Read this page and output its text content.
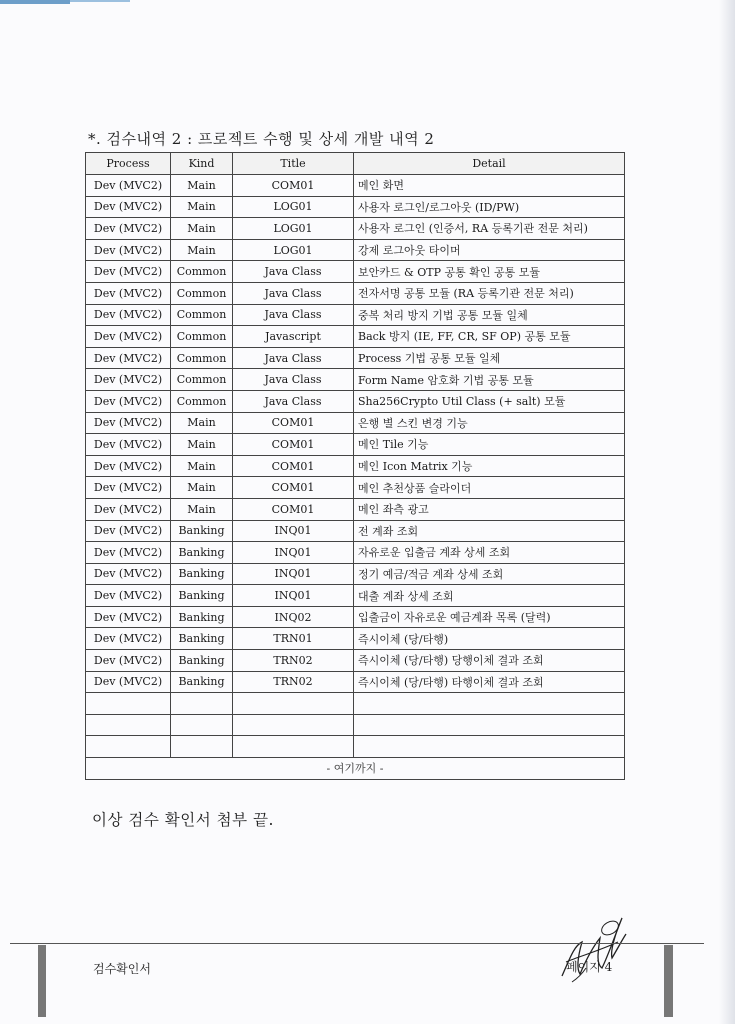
*. 검수내역 2 : 프로젝트 수행 및 상세 개발 내역 2
Process	Kind	Title	Detail
Dev (MVC2)	Main	COM01	메인 화면
Dev (MVC2)	Main	LOG01	사용자 로그인/로그아웃 (ID/PW)
Dev (MVC2)	Main	LOG01	사용자 로그인 (인증서, RA 등록기관 전문 처리)
Dev (MVC2)	Main	LOG01	강제 로그아웃 타이머
Dev (MVC2)	Common	Java Class	보안카드 & OTP 공통 확인 공통 모듈
Dev (MVC2)	Common	Java Class	전자서명 공통 모듈 (RA 등록기관 전문 처리)
Dev (MVC2)	Common	Java Class	중복 처리 방지 기법 공통 모듈 일체
Dev (MVC2)	Common	Javascript	Back 방지 (IE, FF, CR, SF OP) 공통 모듈
Dev (MVC2)	Common	Java Class	Process 기법 공통 모듈 일체
Dev (MVC2)	Common	Java Class	Form Name 암호화 기법 공통 모듈
Dev (MVC2)	Common	Java Class	Sha256Crypto Util Class (+ salt) 모듈
Dev (MVC2)	Main	COM01	은행 별 스킨 변경 기능
Dev (MVC2)	Main	COM01	메인 Tile 기능
Dev (MVC2)	Main	COM01	메인 Icon Matrix 기능
Dev (MVC2)	Main	COM01	메인 추천상품 슬라이더
Dev (MVC2)	Main	COM01	메인 좌측 광고
Dev (MVC2)	Banking	INQ01	전 계좌 조회
Dev (MVC2)	Banking	INQ01	자유로운 입출금 계좌 상세 조회
Dev (MVC2)	Banking	INQ01	정기 예금/적금 계좌 상세 조회
Dev (MVC2)	Banking	INQ01	대출 계좌 상세 조회
Dev (MVC2)	Banking	INQ02	입출금이 자유로운 예금계좌 목록 (달력)
Dev (MVC2)	Banking	TRN01	즉시이체 (당/타행)
Dev (MVC2)	Banking	TRN02	즉시이체 (당/타행) 당행이체 결과 조회
Dev (MVC2)	Banking	TRN02	즉시이체 (당/타행) 타행이체 결과 조회

- 여기까지 -			
이상 검수 확인서 첨부 끝.
검수확인서	페이지 4
